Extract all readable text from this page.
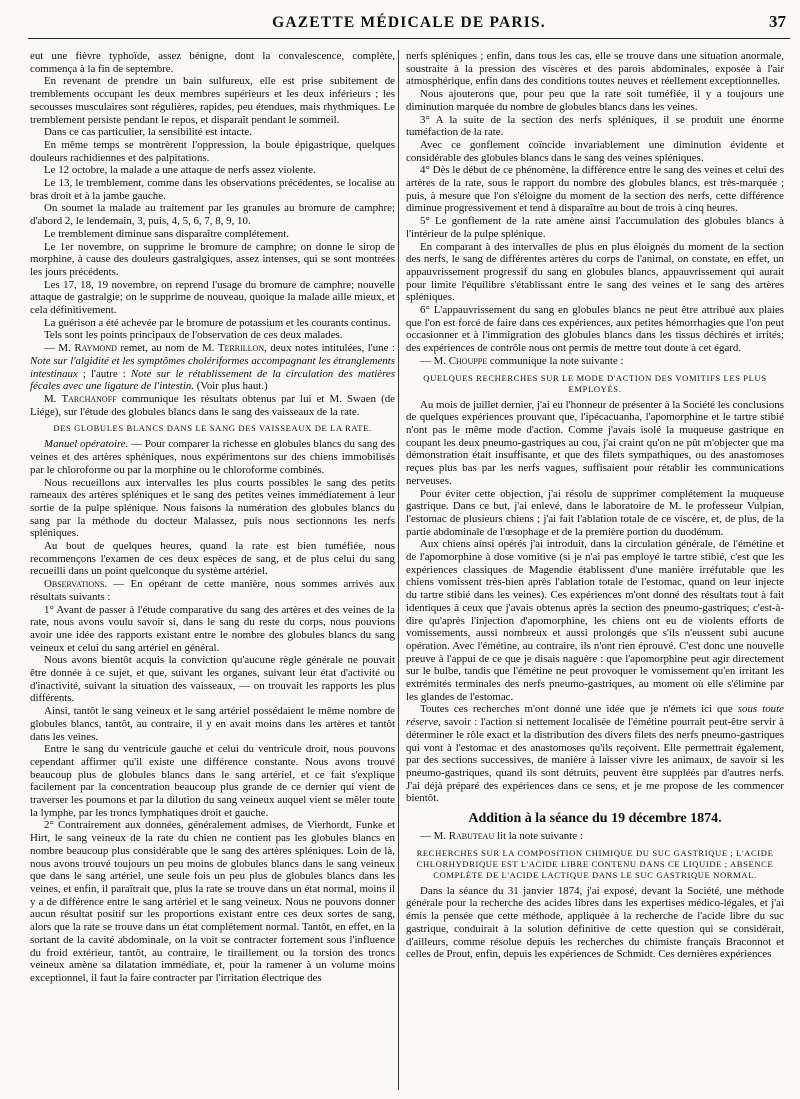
GAZETTE MÉDICALE DE PARIS.	37

eut une fièvre typhoïde, assez bénigne, dont la convalescence, complète, commença à la fin de septembre.

En revenant de prendre un bain sulfureux, elle est prise subitement de tremblements occupant les deux membres supérieurs et les deux inférieurs ; les secousses musculaires sont régulières, rapides, peu étendues, mais rhythmiques. Le tremblement persiste pendant le repos, et disparaît pendant le sommeil.

Dans ce cas particulier, la sensibilité est intacte.

En même temps se montrèrent l'oppression, la boule épigastrique, quelques douleurs rachidiennes et des palpitations.

Le 12 octobre, la malade a une attaque de nerfs assez violente.

Le 13, le tremblement, comme dans les observations précédentes, se localise au bras droit et à la jambe gauche.

On soumet la malade au traitement par les granules au bromure de camphre; d'abord 2, le lendemain, 3, puis, 4, 5, 6, 7, 8, 9, 10.

Le tremblement diminue sans disparaître complétement.

Le 1er novembre, on supprime le bromure de camphre; on donne le sirop de morphine, à cause des douleurs gastralgiques, assez intenses, qui se sont montrées les jours précédents.

Les 17, 18, 19 novembre, on reprend l'usage du bromure de camphre; nouvelle attaque de gastralgie; on le supprime de nouveau, quoique la malade aille mieux, et cela définitivement.

La guérison a été achevée par le bromure de potassium et les courants continus.

Tels sont les points principaux de l'observation de ces deux malades.

— M. Raymond remet, au nom de M. Terrillon, deux notes intitulées, l'une : Note sur l'algidité et les symptômes cholériformes accompagnant les étranglements intestinaux ; l'autre : Note sur le rétablissement de la circulation des matières fécales avec une ligature de l'intestin. (Voir plus haut.)

M. Tarchanoff communique les résultats obtenus par lui et M. Swaen (de Liége), sur l'étude des globules blancs dans le sang des vaisseaux de la rate.

DES GLOBULES BLANCS DANS LE SANG DES VAISSEAUX DE LA RATE.

Manuel opératoire. — Pour comparer la richesse en globules blancs du sang des veines et des artères sphéniques, nous expérimentons sur des chiens immobilisés par le chloroforme ou par la morphine ou le chloroforme combinés.

Nous recueillons aux intervalles les plus courts possibles le sang des petits rameaux des artères spléniques et le sang des petites veines immédiatement à leur sortie de la pulpe splénique. Nous faisons la numération des globules blancs du sang par la méthode du docteur Malassez, puis nous sectionnons les nerfs spléniques.

Au bout de quelques heures, quand la rate est bien tuméfiée, nous recommençons l'examen de ces deux espèces de sang, et de plus celui du sang recueilli dans un point quelconque du système artériel.

Observations. — En opérant de cette manière, nous sommes arrivés aux résultats suivants :

1° Avant de passer à l'étude comparative du sang des artères et des veines de la rate, nous avons voulu savoir si, dans le sang du reste du corps, nous pouvions avoir une idée des rapports existant entre le nombre des globules blancs du sang veineux et celui du sang artériel en général.

Nous avons bientôt acquis la conviction qu'aucune règle générale ne pouvait être donnée à ce sujet, et que, suivant les organes, suivant leur état d'activité ou d'inactivité, suivant la situation des vaisseaux, — on trouvait les rapports les plus différents.

Ainsi, tantôt le sang veineux et le sang artériel possédaient le même nombre de globules blancs, tantôt, au contraire, il y en avait moins dans les artères et tantôt dans les veines.

Entre le sang du ventricule gauche et celui du ventricule droit, nous pouvons cependant affirmer qu'il existe une différence constante. Nous avons trouvé beaucoup plus de globules blancs dans le sang artériel, et ce fait s'explique facilement par la concentration beaucoup plus grande de ce dernier qui vient de traverser les poumons et par la dilution du sang veineux auquel vient se mêler toute la lymphe, par les troncs lymphatiques droit et gauche.

2° Contrairement aux données, généralement admises, de Vierhordt, Funke et Hirt, le sang veineux de la rate du chien ne contient pas les globules blancs en nombre beaucoup plus considérable que le sang des artères spléniques. Loin de là, nous avons trouvé toujours un peu moins de globules blancs dans le sang veineux que dans le sang artériel, une seule fois un peu plus de globules blancs dans les veines, et enfin, il paraîtrait que, plus la rate se trouve dans un état normal, moins il y a de différence entre le sang artériel et le sang veineux. Nous ne pouvons donner aucun résultat positif sur les proportions existant entre ces deux sortes de sang, alors que la rate se trouve dans un état complétement normal. Tantôt, en effet, en la sortant de la cavité abdominale, on la voit se contracter fortement sous l'influence du froid extérieur, tantôt, au contraire, le tiraillement ou la torsion des troncs veineux amène sa dilatation immédiate, et, pour la ramener à un volume moins exceptionnel, il faut la faire contracter par l'irritation électrique des

nerfs spléniques ; enfin, dans tous les cas, elle se trouve dans une situation anormale, soustraite à la pression des viscères et des parois abdominales, exposée à l'air atmosphérique, enfin dans des conditions toutes neuves et réellement exceptionnelles.

Nous ajouterons que, pour peu que la rate soit tuméfiée, il y a toujours une diminution marquée du nombre de globules blancs dans les veines.

3° A la suite de la section des nerfs spléniques, il se produit une énorme tuméfaction de la rate.

Avec ce gonflement coïncide invariablement une diminution évidente et considérable des globules blancs dans le sang des veines spléniques.

4° Dès le début de ce phénomène, la différence entre le sang des veines et celui des artères de la rate, sous le rapport du nombre des globules blancs, est très-marquée ; puis, à mesure que l'on s'éloigne du moment de la section des nerfs, cette différence diminue progressivement et tend à disparaître au bout de trois à cinq heures.

5° Le gonflement de la rate amène ainsi l'accumulation des globules blancs à l'intérieur de la pulpe splénique.

En comparant à des intervalles de plus en plus éloignés du moment de la section des nerfs, le sang de différentes artères du corps de l'animal, on constate, en effet, un appauvrissement progressif du sang en globules blancs, appauvrissement qui aurait pour limite l'équilibre s'établissant entre le sang des veines et le sang des artères spléniques.

6° L'appauvrissement du sang en globules blancs ne peut être attribué aux plaies que l'on est forcé de faire dans ces expériences, aux petites hémorrhagies que l'on peut occasionner et à l'immigration des globules blancs dans les tissus déchirés et irrités; des expériences de contrôle nous ont permis de mettre tout doute à cet égard.

— M. Chouppe communique la note suivante :

QUELQUES RECHERCHES SUR LE MODE D'ACTION DES VOMITIFS LES PLUS EMPLOYÉS.

Au mois de juillet dernier, j'ai eu l'honneur de présenter à la Société les conclusions de quelques expériences prouvant que, l'ipécacuanha, l'apomorphine et le tartre stibié n'ont pas le même mode d'action. Comme j'avais isolé la muqueuse gastrique en coupant les deux pneumo-gastriques au cou, j'ai craint qu'on ne pût m'objecter que ma démonstration était insuffisante, et que des filets sympathiques, ou des anastomoses reçues plus bas par les nerfs vagues, suffisaient pour rétablir les communications nerveuses.

Pour éviter cette objection, j'ai résolu de supprimer complétement la muqueuse gastrique. Dans ce but, j'ai enlevé, dans le laboratoire de M. le professeur Vulpian, l'estomac de plusieurs chiens ; j'ai fait l'ablation totale de ce viscère, et, de plus, de la partie abdominale de l'œsophage et de la première portion du duodénum.

Aux chiens ainsi opérés j'ai introduit, dans la circulation générale, de l'émétine et de l'apomorphine à dose vomitive (si je n'ai pas employé le tartre stibié, c'est que les expériences classiques de Magendie établissent d'une manière irréfutable que les chiens vomissent très-bien après l'ablation totale de l'estomac, quand on leur injecte du tartre stibié dans les veines). Ces expériences m'ont donné des résultats tout à fait identiques à ceux que j'avais obtenus après la section des pneumo-gastriques; c'est-à-dire qu'après l'injection d'apomorphine, les chiens ont eu de violents efforts de vomissements, aussi nombreux et aussi prolongés que s'ils n'eussent subi aucune opération. Avec l'émétine, au contraire, ils n'ont rien éprouvé. C'est donc une nouvelle preuve à l'appui de ce que je disais naguère : que l'apomorphine peut agir directement sur le bulbe, tandis que l'émétine ne peut provoquer le vomissement qu'en irritant les extrémités terminales des nerfs pneumo-gastriques, au moment où elle s'élimine par les glandes de l'estomac.

Toutes ces recherches m'ont donné une idée que je n'émets ici que sous toute réserve, savoir : l'action si nettement localisée de l'émétine pourrait peut-être servir à déterminer le rôle exact et la distribution des divers filets des nerfs pneumo-gastriques qui vont à l'estomac et des anastomoses qu'ils reçoivent. Elle permettrait également, par des sections successives, de manière à laisser vivre les animaux, de savoir si les pneumo-gastriques, quand ils sont détruits, peuvent être suppléés par d'autres nerfs. J'ai déjà préparé des expériences dans ce sens, et je me propose de les commencer bientôt.

Addition à la séance du 19 décembre 1874.

— M. Rabuteau lit la note suivante :

RECHERCHES SUR LA COMPOSITION CHIMIQUE DU SUC GASTRIQUE ; L'ACIDE CHLORHYDRIQUE EST L'ACIDE LIBRE CONTENU DANS CE LIQUIDE ; ABSENCE COMPLÈTE DE L'ACIDE LACTIQUE DANS LE SUC GASTRIQUE NORMAL.

Dans la séance du 31 janvier 1874, j'ai exposé, devant la Société, une méthode générale pour la recherche des acides libres dans les expertises médico-légales, et j'ai émis la pensée que cette méthode, appliquée à la recherche de l'acide libre du suc gastrique, conduirait à la solution définitive de cette question qui se considérait, d'ailleurs, comme résolue depuis les recherches du chimiste français Braconnot et celles de Prout, enfin, depuis les expériences de Schmidt. Ces dernières expériences
